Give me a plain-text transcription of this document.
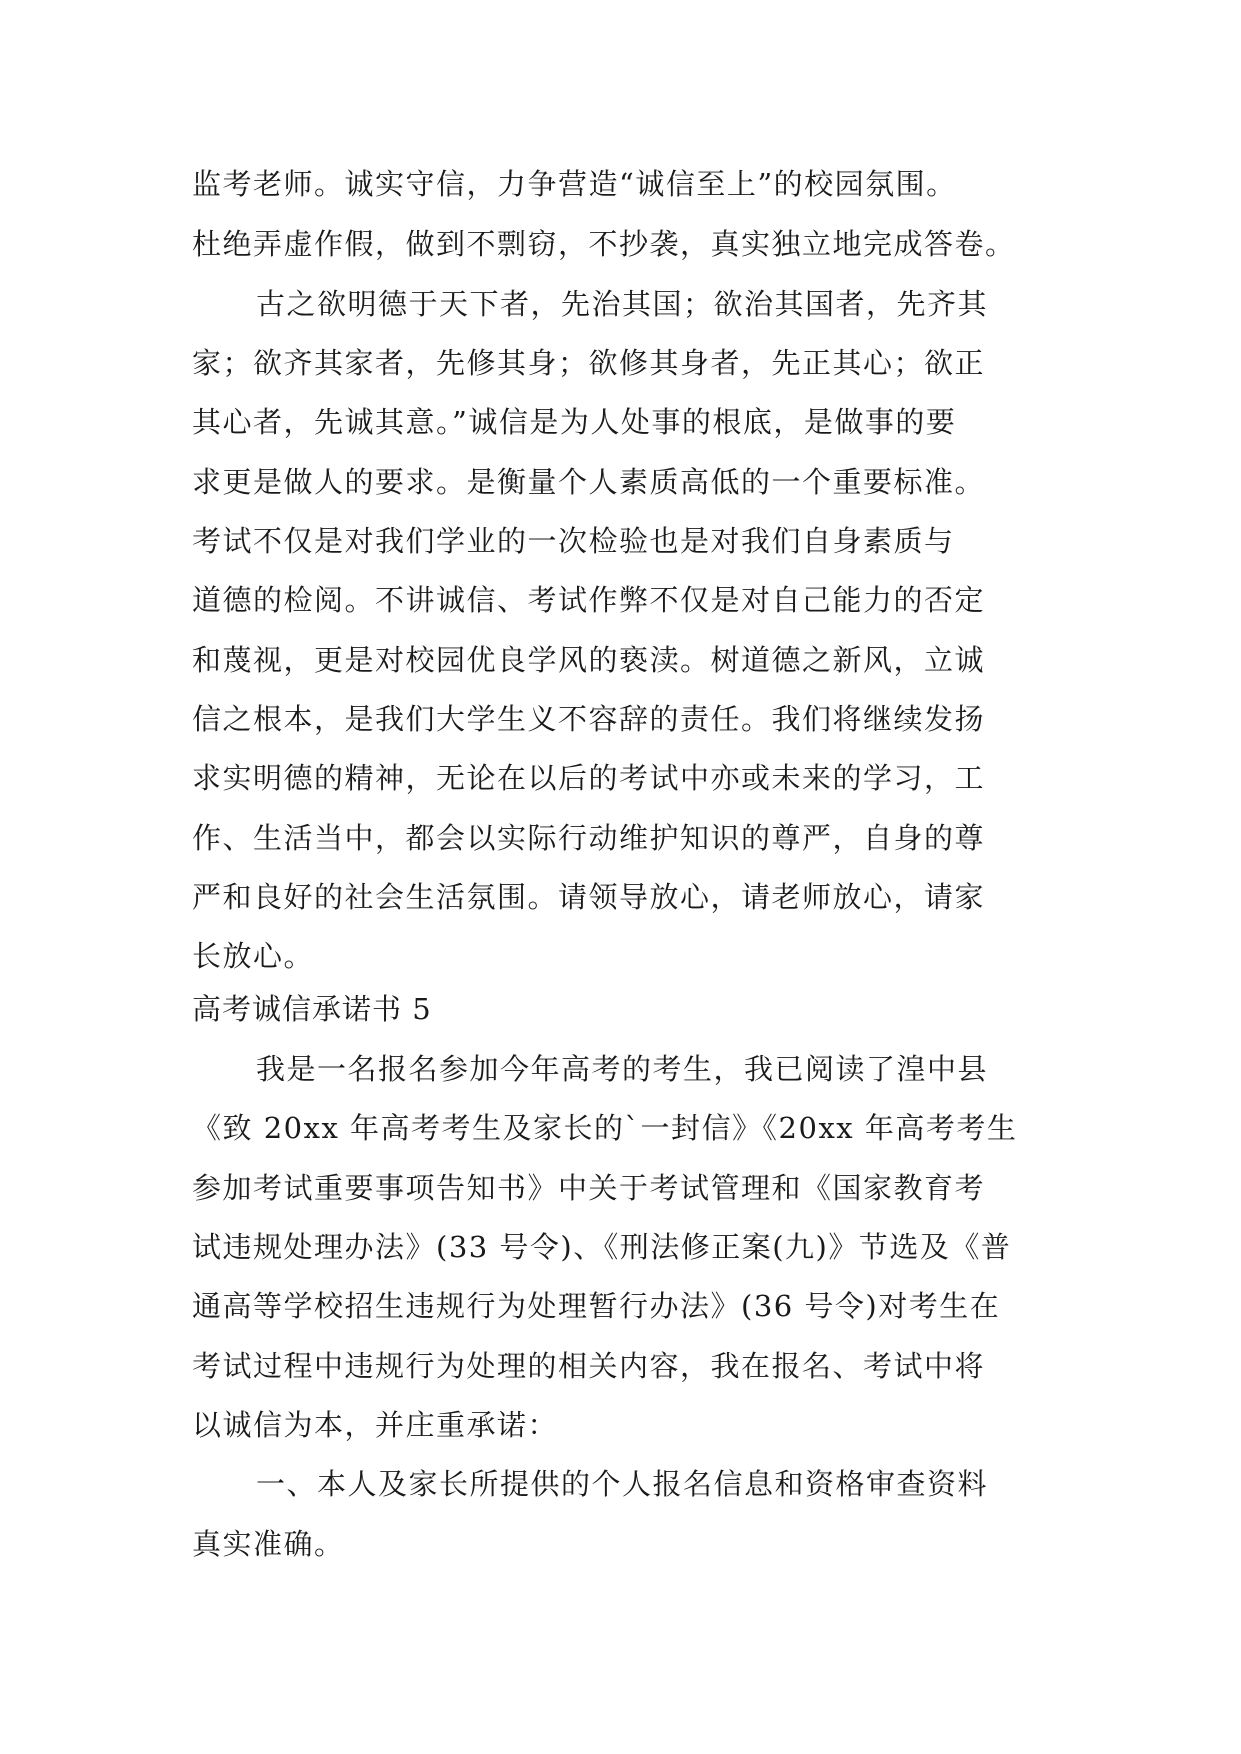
监考老师。诚实守信，力争营造“诚信至上”的校园氛围。

杜绝弄虚作假，做到不剽窃，不抄袭，真实独立地完成答卷。

古之欲明德于天下者，先治其国；欲治其国者，先齐其

家；欲齐其家者，先修其身；欲修其身者，先正其心；欲正

其心者，先诚其意。”诚信是为人处事的根底，是做事的要

求更是做人的要求。是衡量个人素质高低的一个重要标准。

考试不仅是对我们学业的一次检验也是对我们自身素质与

道德的检阅。不讲诚信、考试作弊不仅是对自己能力的否定

和蔑视，更是对校园优良学风的亵渎。树道德之新风，立诚

信之根本，是我们大学生义不容辞的责任。我们将继续发扬

求实明德的精神，无论在以后的考试中亦或未来的学习，工

作、生活当中，都会以实际行动维护知识的尊严，自身的尊

严和良好的社会生活氛围。请领导放心，请老师放心，请家

长放心。

高考诚信承诺书 5

我是一名报名参加今年高考的考生，我已阅读了湟中县

《致 20xx 年高考考生及家长的`一封信》《20xx 年高考考生

参加考试重要事项告知书》中关于考试管理和《国家教育考

试违规处理办法》(33 号令)、《刑法修正案(九)》节选及《普

通高等学校招生违规行为处理暂行办法》(36 号令)对考生在

考试过程中违规行为处理的相关内容，我在报名、考试中将

以诚信为本，并庄重承诺：

一、本人及家长所提供的个人报名信息和资格审查资料

真实准确。
